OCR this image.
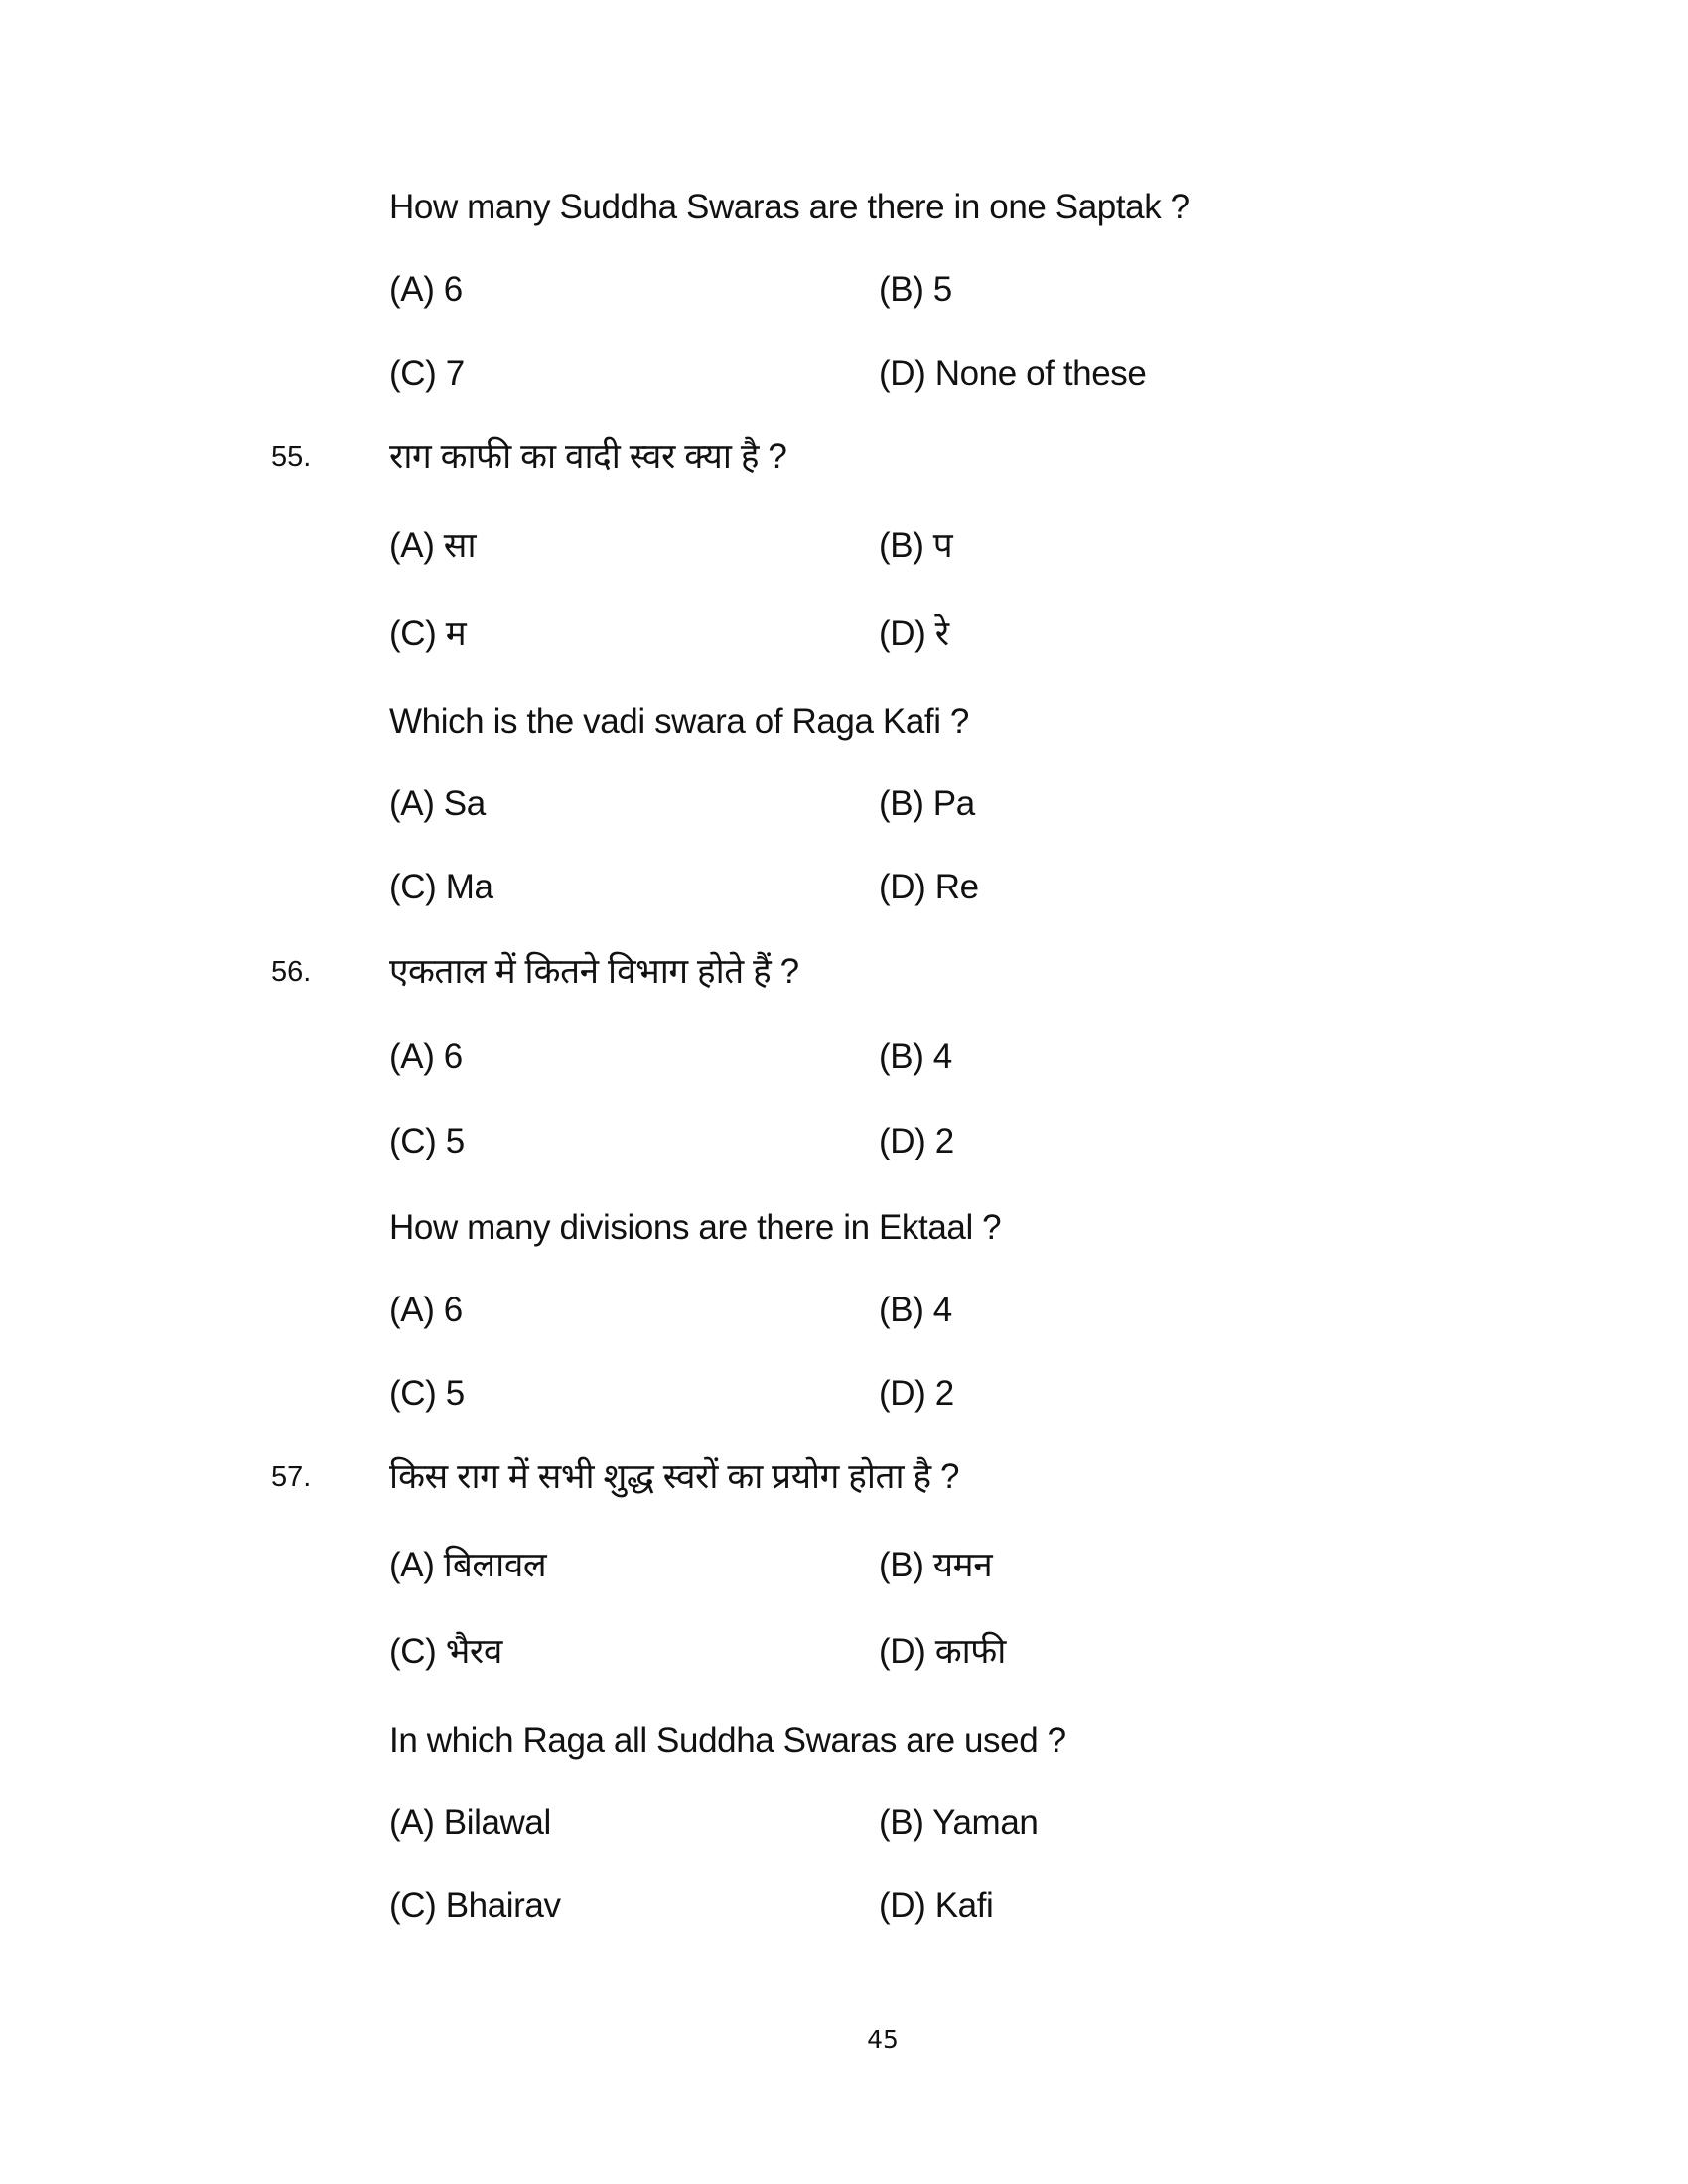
How many Suddha Swaras are there in one Saptak ?
(A) 6	(B) 5
(C) 7	(D) None of these
55. राग काफी का वादी स्वर क्या है ?
(A) सा	(B) प
(C) म	(D) रे
Which is the vadi swara of Raga Kafi ?
(A) Sa	(B) Pa
(C) Ma	(D) Re
56. एकताल में कितने विभाग होते हैं ?
(A) 6	(B) 4
(C) 5	(D) 2
How many divisions are there in Ektaal ?
(A) 6	(B) 4
(C) 5	(D) 2
57. किस राग में सभी शुद्ध स्वरों का प्रयोग होता है ?
(A) बिलावल	(B) यमन
(C) भैरव	(D) काफी
In which Raga all Suddha Swaras are used ?
(A) Bilawal	(B) Yaman
(C) Bhairav	(D) Kafi
45
